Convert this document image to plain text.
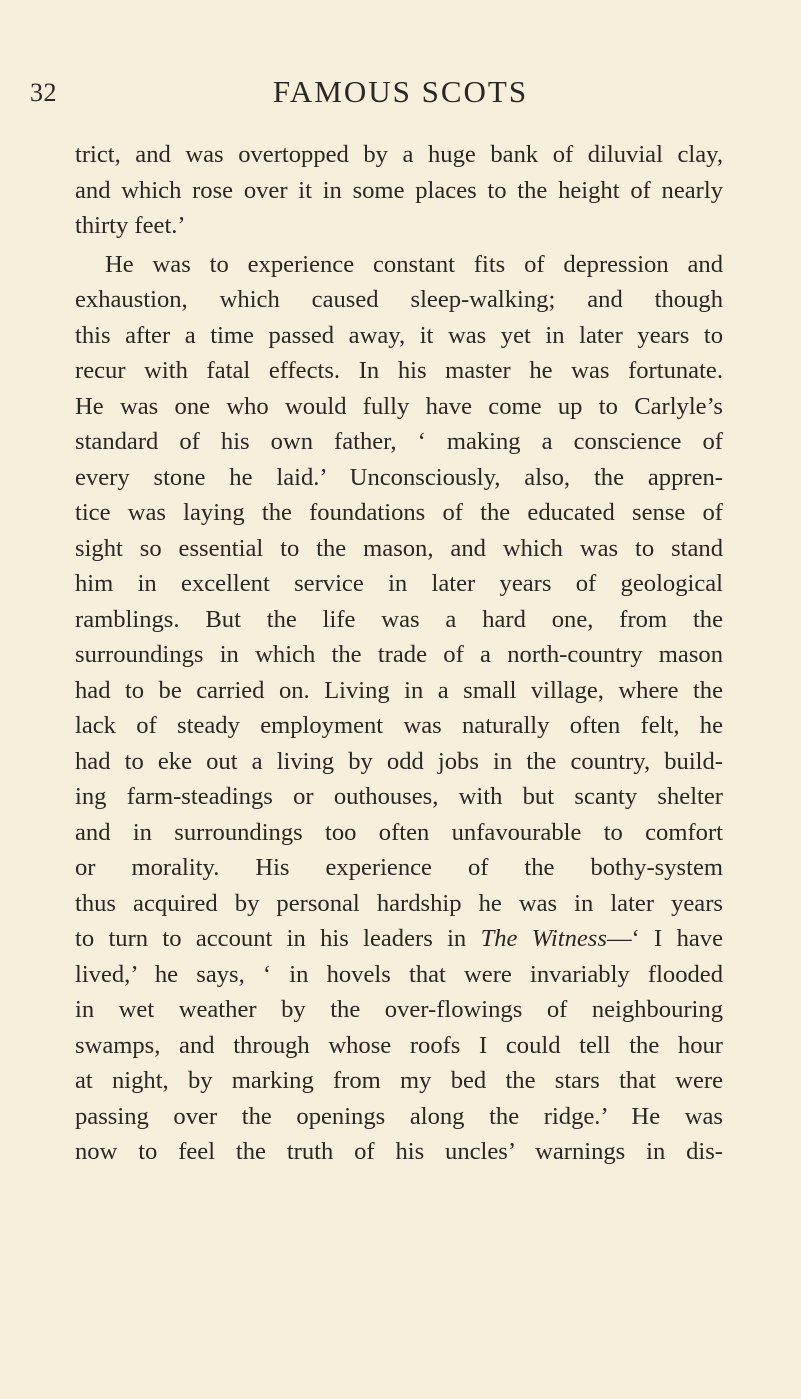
32	FAMOUS SCOTS
trict, and was overtopped by a huge bank of diluvial clay,
and which rose over it in some places to the height of nearly
thirty feet.’
He was to experience constant fits of depression and
exhaustion, which caused sleep-walking; and though
this after a time passed away, it was yet in later years to
recur with fatal effects. In his master he was fortunate.
He was one who would fully have come up to Carlyle’s
standard of his own father, ‘ making a conscience of
every stone he laid.’ Unconsciously, also, the appren-
tice was laying the foundations of the educated sense of
sight so essential to the mason, and which was to stand
him in excellent service in later years of geological
ramblings. But the life was a hard one, from the
surroundings in which the trade of a north-country mason
had to be carried on. Living in a small village, where the
lack of steady employment was naturally often felt, he
had to eke out a living by odd jobs in the country, build-
ing farm-steadings or outhouses, with but scanty shelter
and in surroundings too often unfavourable to comfort
or morality. His experience of the bothy-system
thus acquired by personal hardship he was in later years
to turn to account in his leaders in The Witness—‘ I have
lived,’ he says, ‘ in hovels that were invariably flooded
in wet weather by the over-flowings of neighbouring
swamps, and through whose roofs I could tell the hour
at night, by marking from my bed the stars that were
passing over the openings along the ridge.’ He was
now to feel the truth of his uncles’ warnings in dis-
